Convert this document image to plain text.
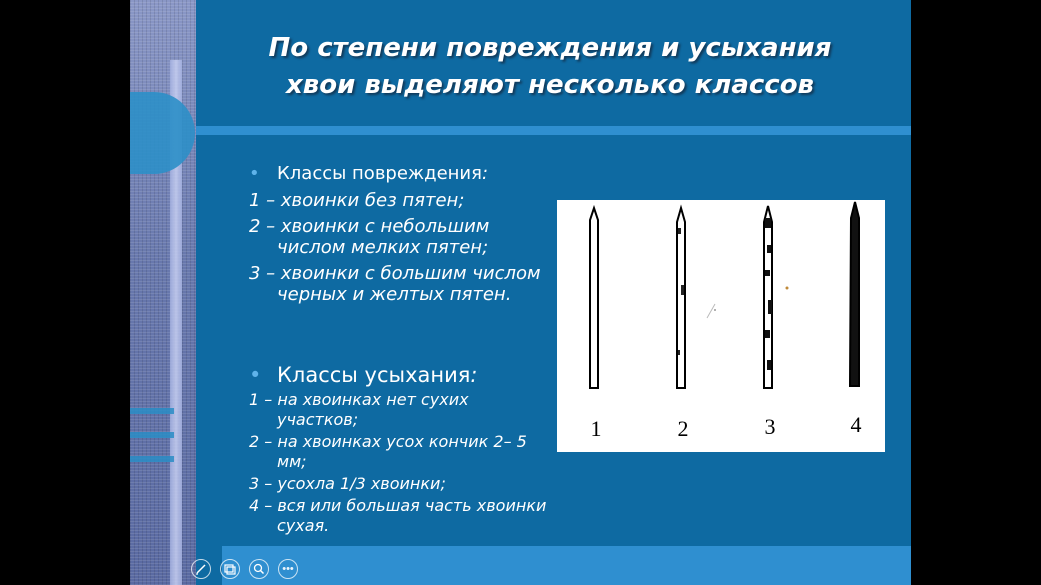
По степени повреждения и усыхания
хвои выделяют несколько классов
• Классы повреждения:
1 – хвоинки без пятен;
2 – хвоинки с небольшим числом мелких пятен;
3 – хвоинки с большим числом черных и желтых пятен.
• Классы усыхания:
1 – на хвоинках нет сухих участков;
2 – на хвоинках усох кончик 2– 5 мм;
3 – усохла 1/3 хвоинки;
4 – вся или большая часть хвоинки сухая.
1	2	3	4
•••
